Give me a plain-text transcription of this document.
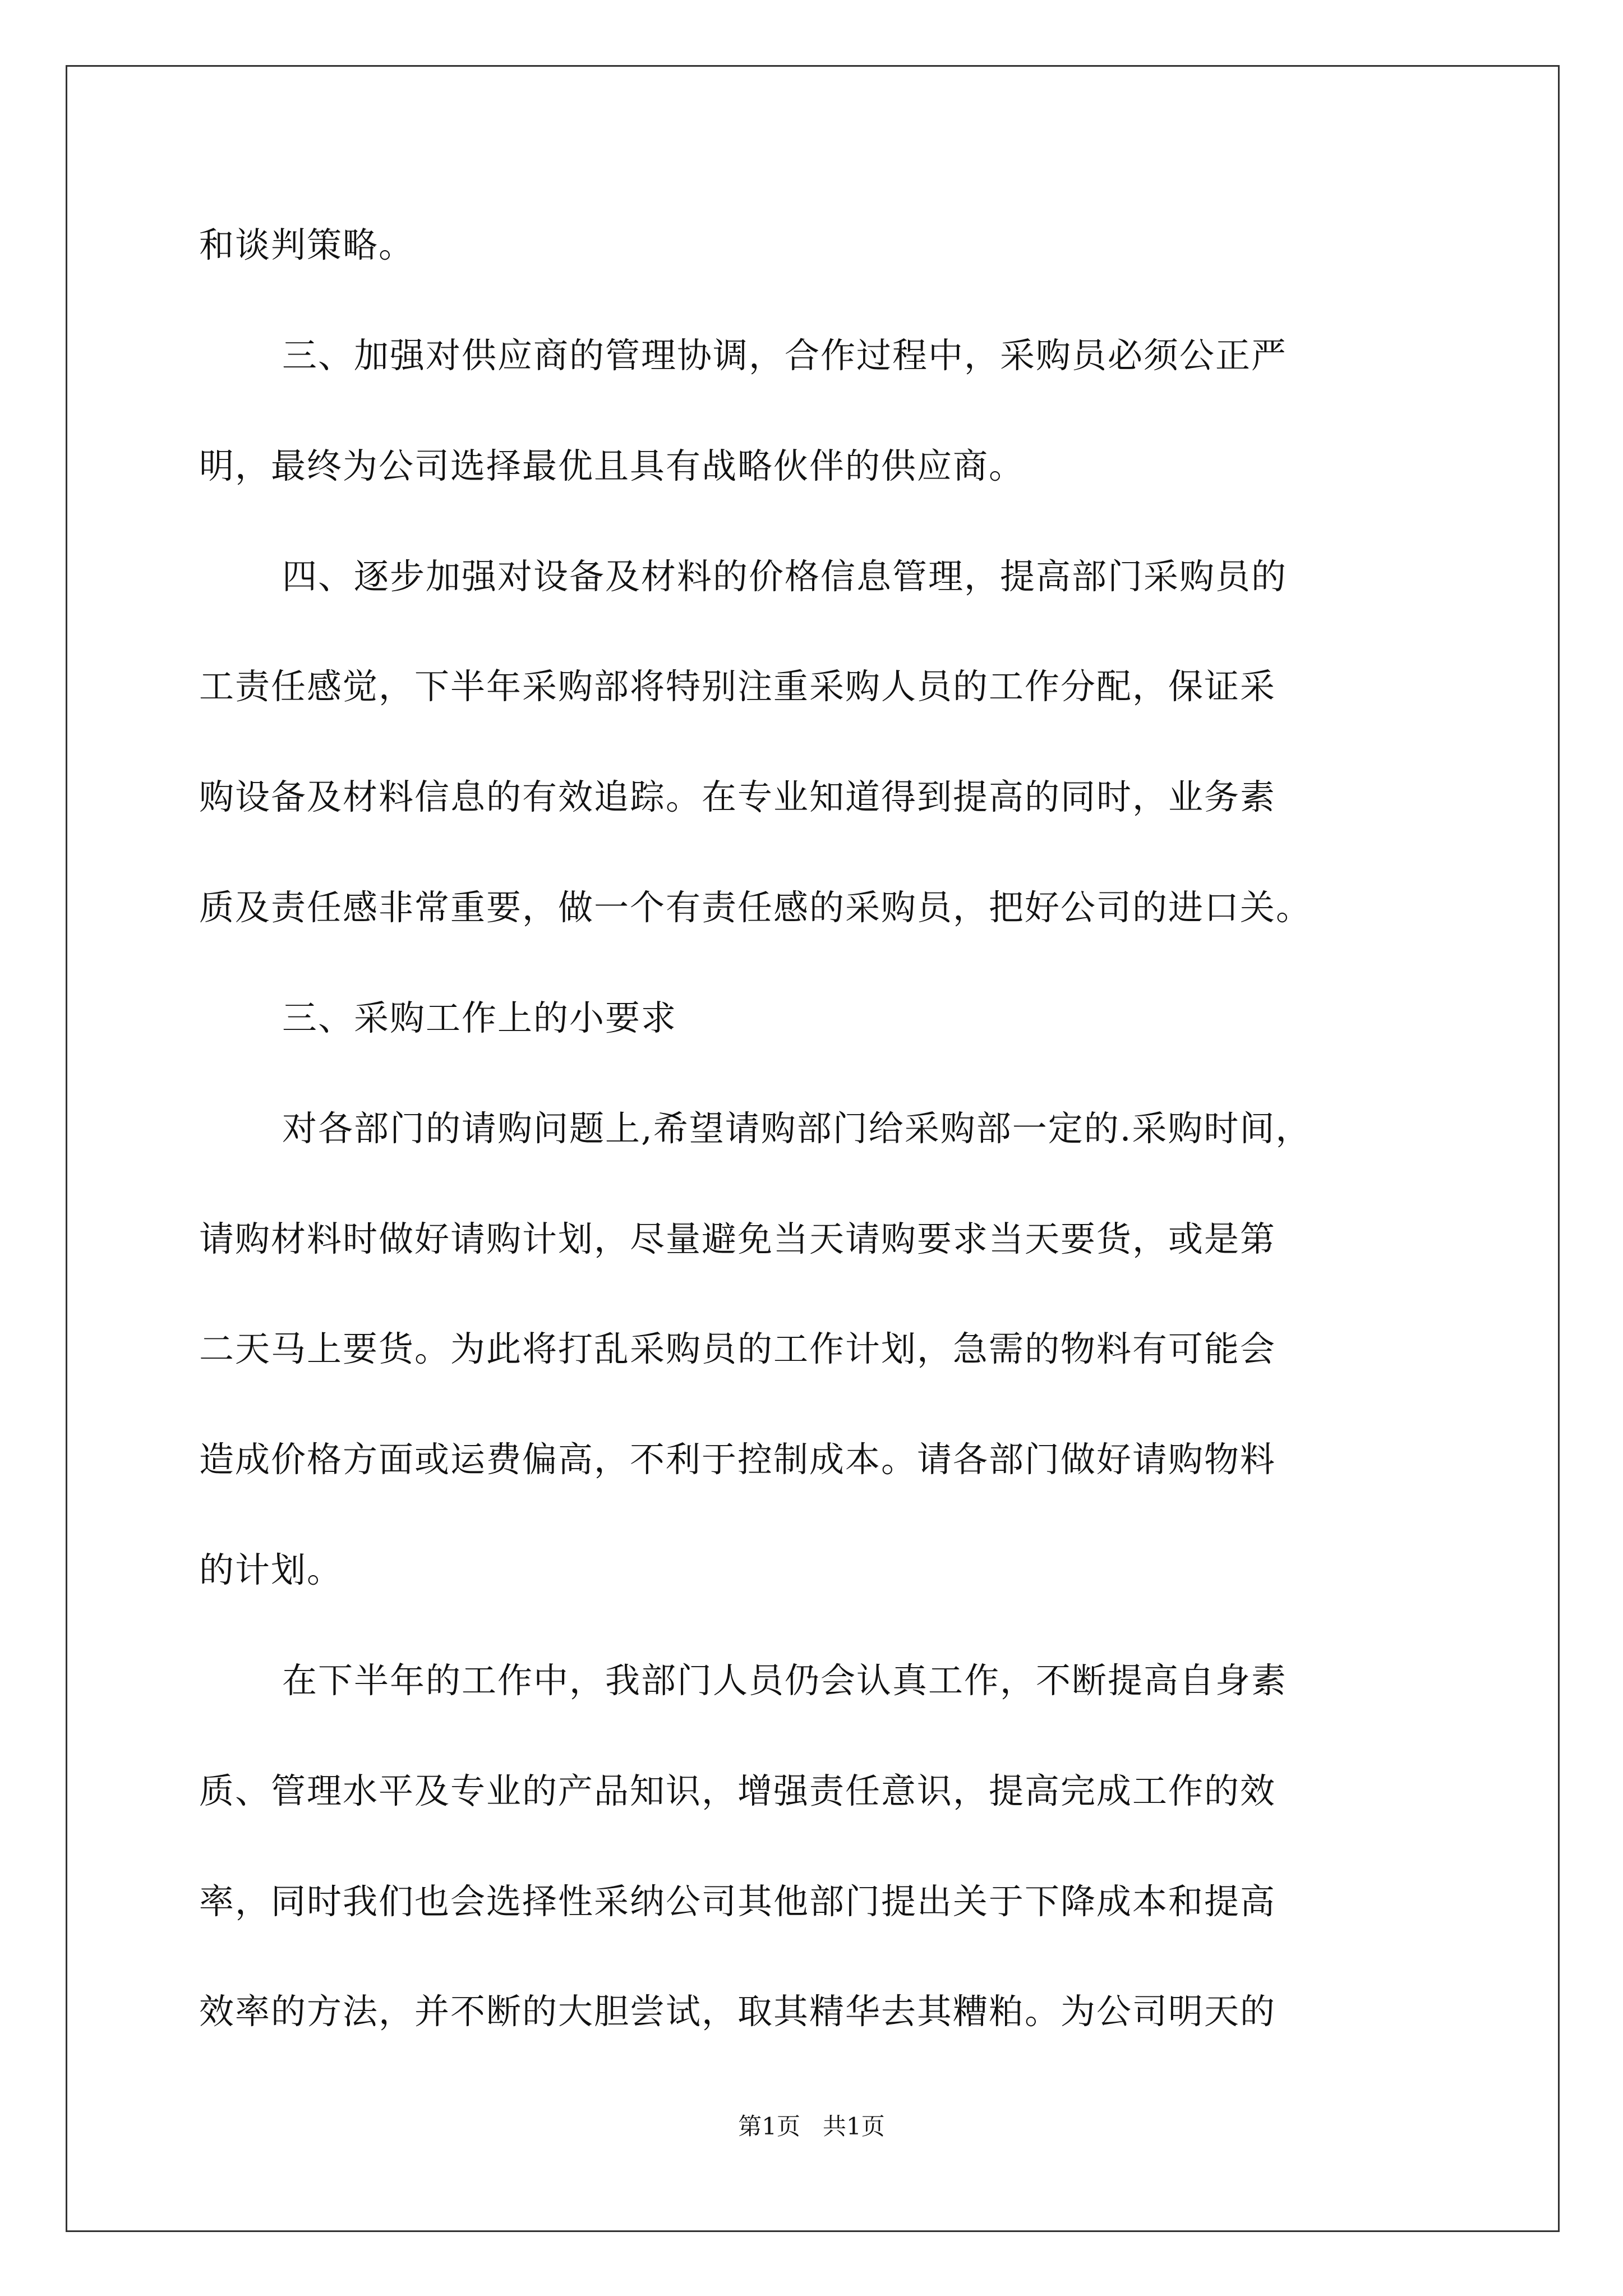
和谈判策略。
三、加强对供应商的管理协调，合作过程中，采购员必须公正严
明，最终为公司选择最优且具有战略伙伴的供应商。
四、逐步加强对设备及材料的价格信息管理，提高部门采购员的
工责任感觉，下半年采购部将特别注重采购人员的工作分配，保证采
购设备及材料信息的有效追踪。在专业知道得到提高的同时，业务素
质及责任感非常重要，做一个有责任感的采购员，把好公司的进口关。
三、采购工作上的小要求
对各部门的请购问题上,希望请购部门给采购部一定的.采购时间，
请购材料时做好请购计划，尽量避免当天请购要求当天要货，或是第
二天马上要货。为此将打乱采购员的工作计划，急需的物料有可能会
造成价格方面或运费偏高，不利于控制成本。请各部门做好请购物料
的计划。
在下半年的工作中，我部门人员仍会认真工作，不断提高自身素
质、管理水平及专业的产品知识，增强责任意识，提高完成工作的效
率，同时我们也会选择性采纳公司其他部门提出关于下降成本和提高
效率的方法，并不断的大胆尝试，取其精华去其糟粕。为公司明天的
第1页   共1页
